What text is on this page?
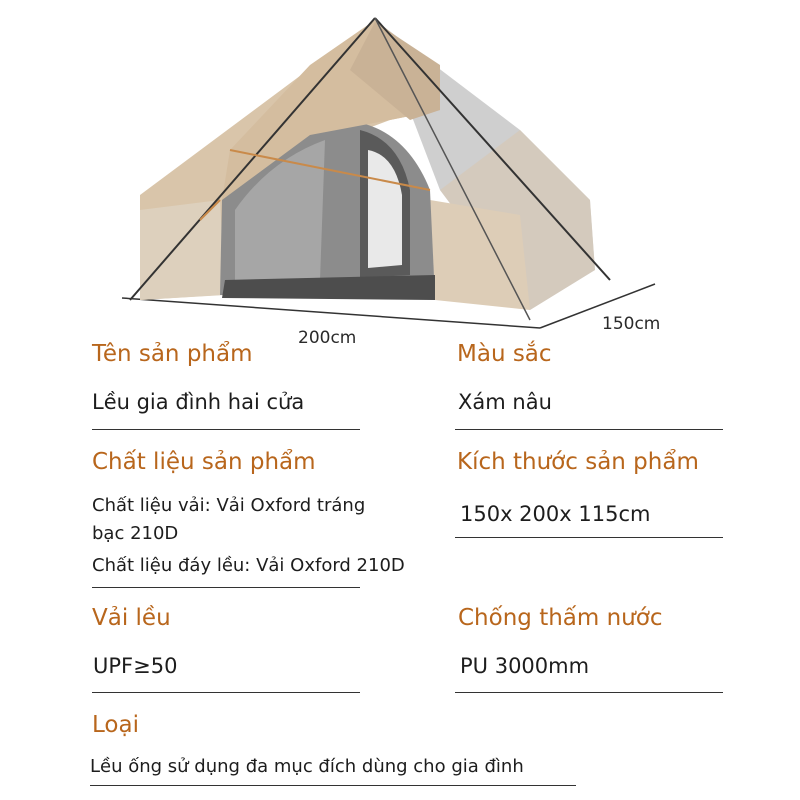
200cm
150cm
Tên sản phẩm
Lều gia đình hai cửa
Màu sắc
Xám nâu
Chất liệu sản phẩm
Chất liệu vải: Vải Oxford tráng
bạc 210D
Chất liệu đáy lều: Vải Oxford 210D
Kích thước sản phẩm
150x 200x 115cm
Vải lều
UPF≥50
Chống thấm nước
PU 3000mm
Loại
Lều ống sử dụng đa mục đích dùng cho gia đình
